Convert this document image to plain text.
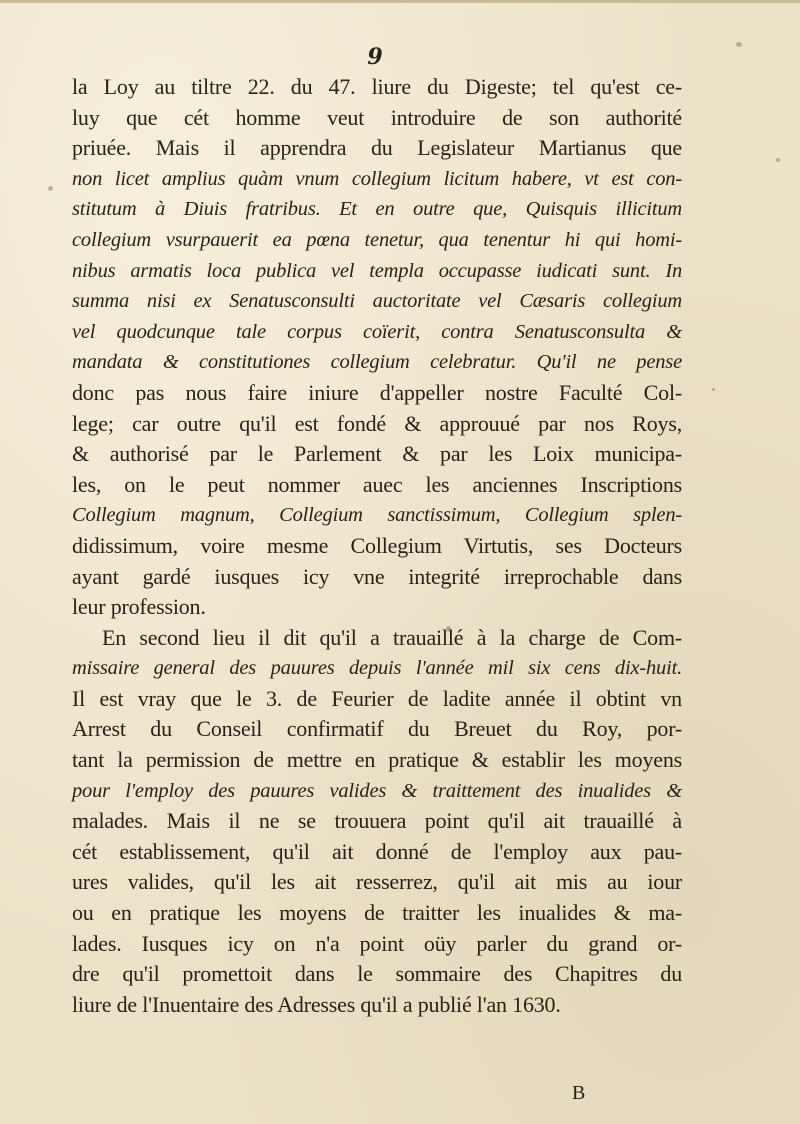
9
la Loy au tiltre 22. du 47. liure du Digeste; tel qu'est ce-
luy que cét homme veut introduire de son authorité
priuée. Mais il apprendra du Legislateur Martianus que
non licet amplius quàm vnum collegium licitum habere, vt est con-
stitutum à Diuis fratribus. Et en outre que, Quisquis illicitum
collegium vsurpauerit ea pœna tenetur, qua tenentur hi qui homi-
nibus armatis loca publica vel templa occupasse iudicati sunt. In
summa nisi ex Senatusconsulti auctoritate vel Cæsaris collegium
vel quodcunque tale corpus coïerit, contra Senatusconsulta &
mandata & constitutiones collegium celebratur. Qu'il ne pense
donc pas nous faire iniure d'appeller nostre Faculté Col-
lege; car outre qu'il est fondé & approuué par nos Roys,
& authorisé par le Parlement & par les Loix municipa-
les, on le peut nommer auec les anciennes Inscriptions
Collegium magnum, Collegium sanctissimum, Collegium splen-
didissimum, voire mesme Collegium Virtutis, ses Docteurs
ayant gardé iusques icy vne integrité irreprochable dans
leur profession.
En second lieu il dit qu'il a trauaillé à la charge de Com-
missaire general des pauures depuis l'année mil six cens dix-huit.
Il est vray que le 3. de Feurier de ladite année il obtint vn
Arrest du Conseil confirmatif du Breuet du Roy, por-
tant la permission de mettre en pratique & establir les moyens
pour l'employ des pauures valides & traittement des inualides &
malades. Mais il ne se trouuera point qu'il ait trauaillé à
cét establissement, qu'il ait donné de l'employ aux pau-
ures valides, qu'il les ait resserrez, qu'il ait mis au iour
ou en pratique les moyens de traitter les inualides & ma-
lades. Iusques icy on n'a point oüy parler du grand or-
dre qu'il promettoit dans le sommaire des Chapitres du
liure de l'Inuentaire des Adresses qu'il a publié l'an 1630.
B
